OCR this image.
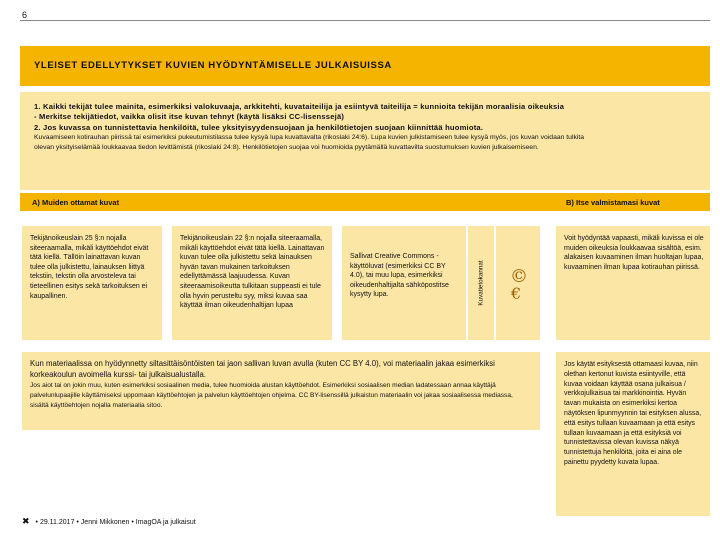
6
YLEISET EDELLYTYKSET KUVIEN HYÖDYNTÄMISELLE JULKAISUISSA
1. Kaikki tekijät tulee mainita, esimerkiksi valokuvaaja, arkkitehti, kuvataiteilija ja esiintyvä taiteilija = kunnioita tekijän moraalisia oikeuksia
- Merkitse tekijätiedot, vaikka olisit itse kuvan tehnyt (käytä lisäksi CC-lisenssejä)
2. Jos kuvassa on tunnistettavia henkilöitä, tulee yksityisyydensuojaan ja henkilötietojen suojaan kiinnittää huomiota.
Kuvaamiseen kotirauhan piirissä tai esimerkiksi pukeutumistilassa tulee kysyä lupa kuvattavalta (rikoslaki 24:6). Lupa kuvien julkistamiseen tulee kysyä myös, jos kuvan voidaan tulkita
olevan yksityiselämää loukkaavaa tiedon levittämistä (rikoslaki 24:8). Henkilötietojen suojaa voi huomioida pyytämällä kuvattavilta suostumuksen kuvien julkaisemiseen.
A) Muiden ottamat kuvat	B) Itse valmistamasi kuvat
Tekijänoikeuslain 25 §:n nojalla siteeraamalla, mikäli käyttöehdot eivät tätä kiellä. Tällöin lainattavan kuvan tulee olla julkistettu, lainauksen liittyä tekstiin, tekstin olla arvosteleva tai tieteellinen esitys sekä tarkoituksen ei kaupallinen.
Tekijänoikeuslain 22 §:n nojalla siteeraamalla, mikäli käyttöehdot eivät tätä kiellä. Lainattavan kuvan tulee olla julkistettu sekä lainauksen hyvän tavan mukainen tarkoituksen edellyttämässä laajuudessa. Kuvan siteeraamisoikeutta tulkitaan suppeasti ei tule olla hyvin perusteltu syy, miksi kuvaa saa käyttää ilman oikeudenhaltijan lupaa
Sallivat Creative Commons -käyttöluvat (esimerkiksi CC BY 4.0), tai muu lupa, esimerkiksi oikeudenhaltijalta sähköpostitse kysytty lupa.	Kuvatietokannat ©
€
Voit hyödyntää vapaasti, mikäli kuvissa ei ole muiden oikeuksia loukkaavaa sisältöä, esim. alakaisen kuvaaminen ilman huoltajan lupaa, kuvaaminen ilman lupaa kotirauhan piirissä.
Jos käytät esityksestä ottamaasi kuvaa, niin olethan kertonut kuvista esiintyville, että kuvaa voidaan käyttää osana julkaisua / verkkojulkaisua tai markkinointia. Hyvän tavan mukaista on esimerkiksi kertoa näytöksen lipunmyynnin tai esityksen alussa, että esitys tullaan kuvaamaan ja että esitys tullaan kuvaamaan ja että esityksiä voi tunnistettavissa olevan kuvissa näkyä tunnistettuja henkilöitä, joita ei aina ole painettu pyydetty kuvata lupaa.
Kun materiaalissa on hyödynnetty siltasittäisöntöisten tai jaon sallivan luvan avulla (kuten CC BY 4.0), voi materiaalin jakaa esimerkiksi korkeakoulun avoimella kurssi- tai julkaisualustalla.
Jos aiot tai on jokin muu, kuten esimerkiksi sosiaalinen media, tulee huomioida alustan käyttöehdot. Esimerkiksi sosiaalisen median ladatessaan annaa käyttäjä palvelunlupaajille käyttämiseksi uppomaan käyttöehtojen ja palvelun käyttöehtojen ohjelma. CC BY-lisenssillä julkaistun materiaalin voi jakaa sosiaalisessa mediassa, sisältä käyttöehtojen nojalla materiaalia sitoo.
✖ • 29.11.2017 • Jenni Mikkonen • ImagOA ja julkaisut
